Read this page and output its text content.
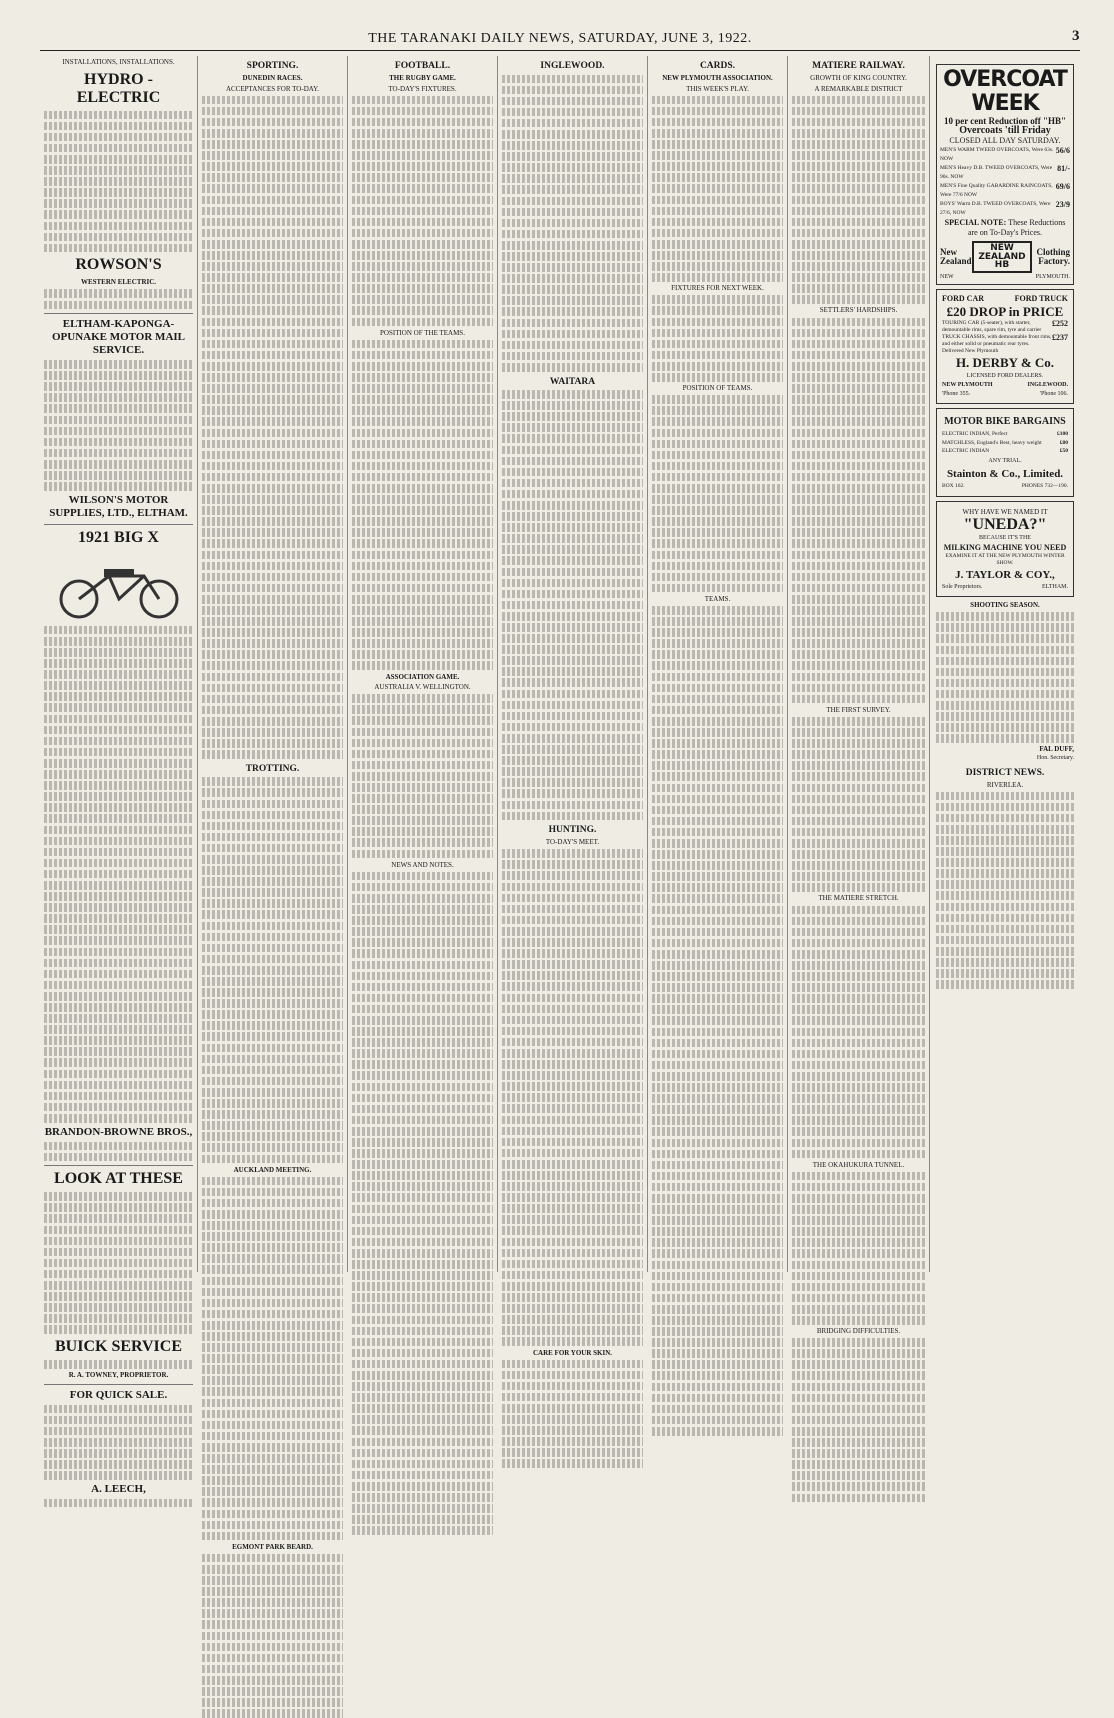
THE TARANAKI DAILY NEWS, SATURDAY, JUNE 3, 1922.	3
INSTALLATIONS, INSTALLATIONS.
HYDRO - ELECTRIC
ROWSON'S
WESTERN ELECTRIC.
ELTHAM-KAPONGA-OPUNAKE MOTOR MAIL SERVICE.
WILSON'S MOTOR SUPPLIES, LTD., ELTHAM.
1921 BIG X
BRANDON-BROWNE BROS.,
LOOK AT THESE
BUICK SERVICE
R. A. TOWNEY, PROPRIETOR.
FOR QUICK SALE.
A. LEECH,
SPORTING.
DUNEDIN RACES.
ACCEPTANCES FOR TO-DAY.
TROTTING.
AUCKLAND MEETING.
EGMONT PARK BEARD.
FOOTBALL.
THE RUGBY GAME.
TO-DAY'S FIXTURES.
POSITION OF THE TEAMS.
ASSOCIATION GAME.
AUSTRALIA V. WELLINGTON.
NEWS AND NOTES.
INGLEWOOD.
WAITARA
HUNTING.
TO-DAY'S MEET.
CARE FOR YOUR SKIN.
CARDS.
NEW PLYMOUTH ASSOCIATION.
THIS WEEK'S PLAY.
FIXTURES FOR NEXT WEEK.
POSITION OF TEAMS.
TEAMS.
MATIERE RAILWAY.
GROWTH OF KING COUNTRY.
A REMARKABLE DISTRICT
SETTLERS' HARDSHIPS.
THE FIRST SURVEY.
THE MATIERE STRETCH.
THE OKAHUKURA TUNNEL.
BRIDGING DIFFICULTIES.
OVERCOAT WEEK
10 per cent Reduction off "HB"
Overcoats 'till Friday
CLOSED ALL DAY SATURDAY.
MEN'S WARM TWEED OVERCOATS, Were 63s. NOW
56/6
MEN'S Heavy D.B. TWEED OVERCOATS, Were 90s. NOW
81/-
MEN'S Fine Quality GABARDINE RAINCOATS, Were 77/6 NOW
69/6
BOYS' Warm D.B. TWEED OVERCOATS, Were 27/6, NOW
23/9
SPECIAL NOTE: These Reductions are on To-Day's Prices.
New Zealand
NEW ZEALAND HB
Clothing Factory.
NEW	PLYMOUTH.
FORD CAR	FORD TRUCK
£20 DROP in PRICE
TOURING CAR (5-seater), with starter, demountable rims, spare rim, tyre and carrier
£252
TRUCK CHASSIS, with demountable front rims, and either solid or pneumatic rear tyres. Delivered New Plymouth
£237
H. DERBY & Co.
LICENSED FORD DEALERS.
NEW PLYMOUTH	INGLEWOOD.
'Phone 355.	'Phone 106.
MOTOR BIKE BARGAINS
ELECTRIC INDIAN, Perfect	£100
MATCHLESS, England's Best, heavy weight	£80
ELECTRIC INDIAN	£50
ANY TRIAL.
Stainton & Co., Limited.
BOX 162.	PHONES 732—190.
WHY HAVE WE NAMED IT
"UNEDA?"
BECAUSE IT'S THE
MILKING MACHINE YOU NEED
EXAMINE IT AT THE NEW PLYMOUTH WINTER SHOW.
J. TAYLOR & COY.,
Sole Proprietors.	ELTHAM.
SHOOTING SEASON.
FAL DUFF,
Hon. Secretary.
DISTRICT NEWS.
RIVERLEA.
